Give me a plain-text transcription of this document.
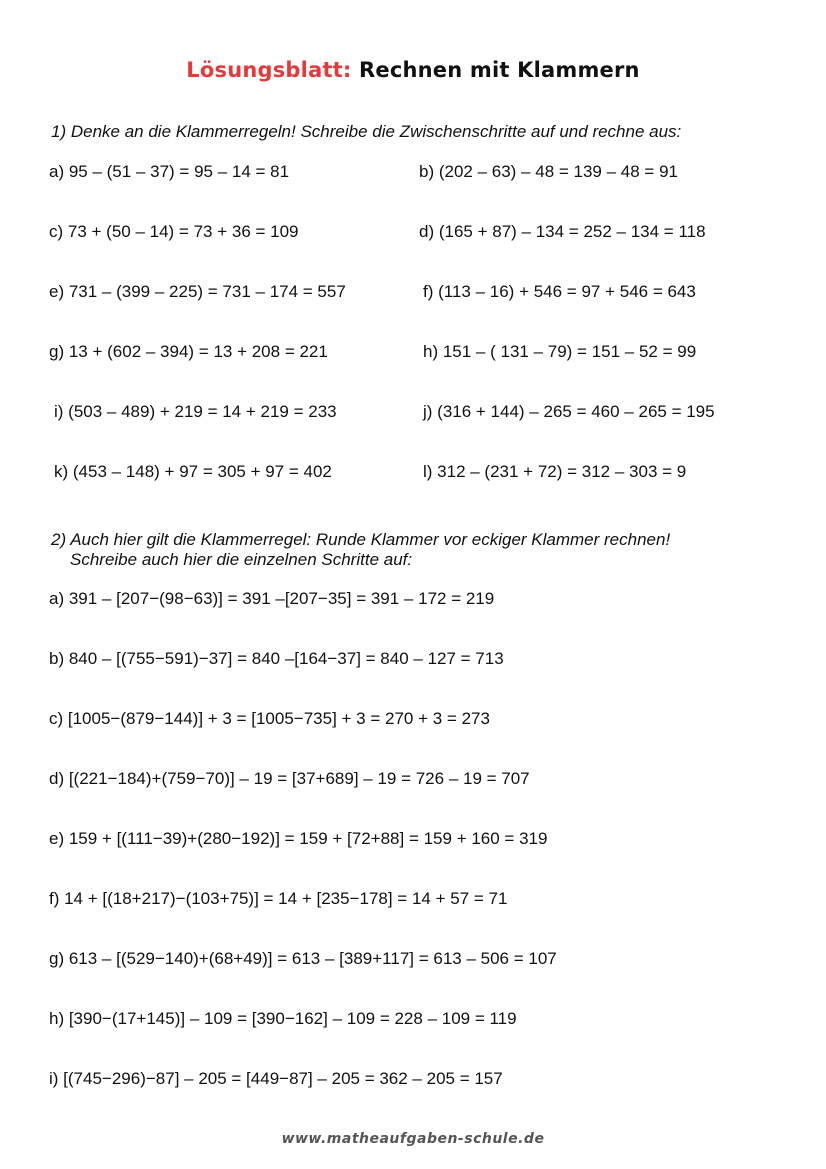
Lösungsblatt: Rechnen mit Klammern
1) Denke an die Klammerregeln! Schreibe die Zwischenschritte auf und rechne aus:
a) 95 – (51 – 37) = 95 – 14 = 81
c) 73 + (50 – 14) = 73 + 36 = 109
e) 731 – (399 – 225) = 731 – 174 = 557
g) 13 + (602 – 394) = 13 + 208 = 221
i) (503 – 489) + 219 = 14 + 219 = 233
k) (453 – 148) + 97 = 305 + 97 = 402
b) (202 – 63) – 48 = 139 – 48 = 91
d) (165 + 87) – 134 = 252 – 134 = 118
f) (113 – 16) + 546 = 97 + 546 = 643
h) 151 – ( 131 – 79) = 151 – 52 = 99
j) (316 + 144) – 265 = 460 – 265 = 195
l) 312 – (231 + 72) = 312 – 303 = 9
2) Auch hier gilt die Klammerregel: Runde Klammer vor eckiger Klammer rechnen!
Schreibe auch hier die einzelnen Schritte auf:
a) 391 – [207−(98−63)] = 391 –[207−35] = 391 – 172 = 219
b) 840 – [(755−591)−37] = 840 –[164−37] = 840 – 127 = 713
c) [1005−(879−144)] + 3 = [1005−735] + 3 = 270 + 3 = 273
d) [(221−184)+(759−70)] – 19 = [37+689] – 19 = 726 – 19 = 707
e) 159 + [(111−39)+(280−192)] = 159 + [72+88] = 159 + 160 = 319
f) 14 + [(18+217)−(103+75)] = 14 + [235−178] = 14 + 57 = 71
g) 613 – [(529−140)+(68+49)] = 613 – [389+117] = 613 – 506 = 107
h) [390−(17+145)] – 109 = [390−162] – 109 = 228 – 109 = 119
i) [(745−296)−87] – 205 = [449−87] – 205 = 362 – 205 = 157
www.matheaufgaben-schule.de
